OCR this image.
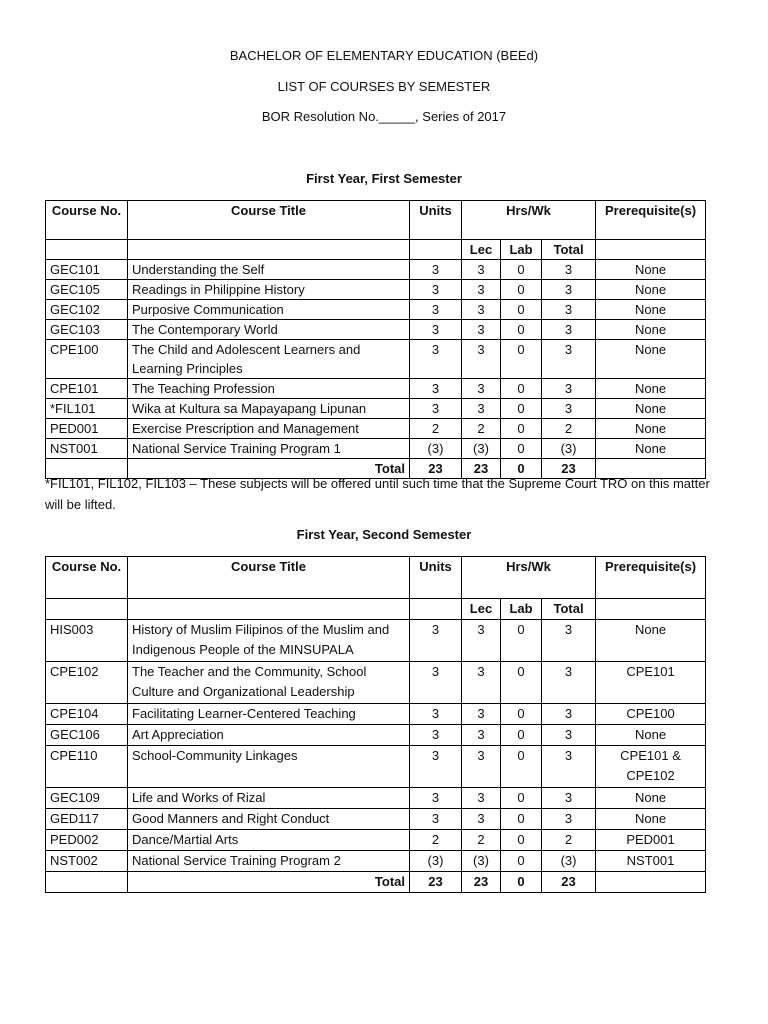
BACHELOR OF ELEMENTARY EDUCATION (BEEd)
LIST OF COURSES BY SEMESTER
BOR Resolution No._____, Series of 2017
First Year, First Semester
Course No.	Course Title	Units	Hrs/Wk			Prerequisite(s)
			Lec	Lab	Total	
GEC101	Understanding the Self	3	3	0	3	None
GEC105	Readings in Philippine History	3	3	0	3	None
GEC102	Purposive Communication	3	3	0	3	None
GEC103	The Contemporary World	3	3	0	3	None
CPE100	The Child and Adolescent Learners and Learning Principles	3	3	0	3	None
CPE101	The Teaching Profession	3	3	0	3	None
*FIL101	Wika at Kultura sa Mapayapang Lipunan	3	3	0	3	None
PED001	Exercise Prescription and Management	2	2	0	2	None
NST001	National Service Training Program 1	(3)	(3)	0	(3)	None
	Total	23	23	0	23	
*FIL101, FIL102, FIL103 – These subjects will be offered until such time that the Supreme Court TRO on this matter will be lifted.
First Year, Second Semester
Course No.	Course Title	Units	Hrs/Wk			Prerequisite(s)
			Lec	Lab	Total	
HIS003	History of Muslim Filipinos of the Muslim and Indigenous People of the MINSUPALA	3	3	0	3	None
CPE102	The Teacher and the Community, School Culture and Organizational Leadership	3	3	0	3	CPE101
CPE104	Facilitating Learner-Centered Teaching	3	3	0	3	CPE100
GEC106	Art Appreciation	3	3	0	3	None
CPE110	School-Community Linkages	3	3	0	3	CPE101 & CPE102
GEC109	Life and Works of Rizal	3	3	0	3	None
GED117	Good Manners and Right Conduct	3	3	0	3	None
PED002	Dance/Martial Arts	2	2	0	2	PED001
NST002	National Service Training Program 2	(3)	(3)	0	(3)	NST001
	Total	23	23	0	23	
